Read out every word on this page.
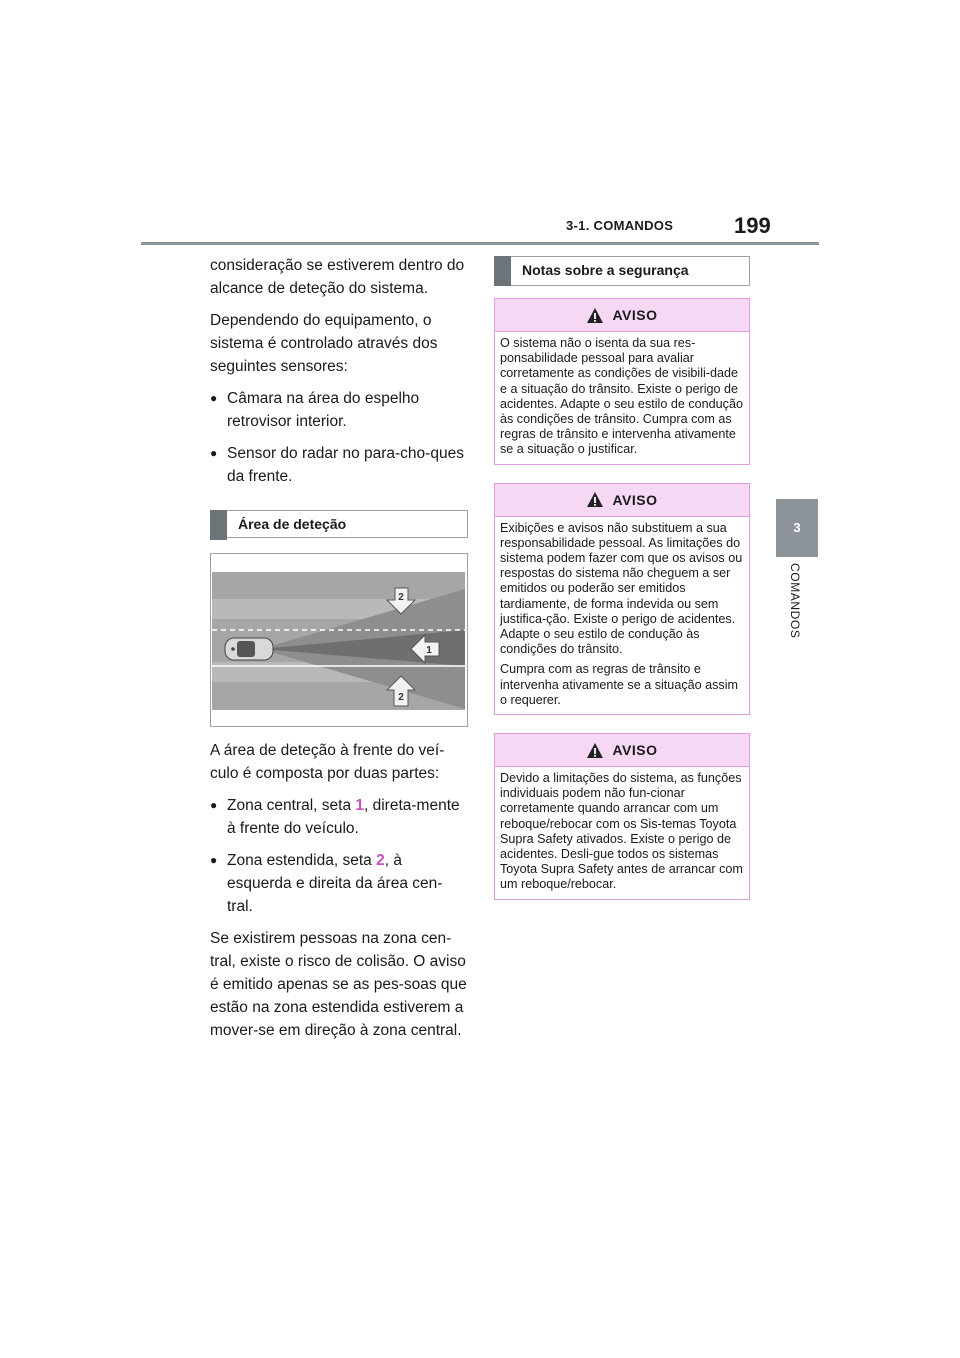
3-1. COMANDOS	199
3
COMANDOS

consideração se estiverem dentro do alcance de deteção do sistema.

Dependendo do equipamento, o sistema é controlado através dos seguintes sensores:

● Câmara na área do espelho retrovisor interior.
● Sensor do radar no para-cho-ques da frente.
Área de deteção
2
1
2

A área de deteção à frente do veí-culo é composta por duas partes:

● Zona central, seta 1, direta-mente à frente do veículo.
● Zona estendida, seta 2, à esquerda e direita da área cen-tral.

Se existirem pessoas na zona cen-tral, existe o risco de colisão. O aviso é emitido apenas se as pes-soas que estão na zona estendida estiverem a mover-se em direção à zona central.

Notas sobre a segurança
AVISO

O sistema não o isenta da sua res-ponsabilidade pessoal para avaliar corretamente as condições de visibili-dade e a situação do trânsito. Existe o perigo de acidentes. Adapte o seu estilo de condução às condições de trânsito. Cumpra com as regras de trânsito e intervenha ativamente se a situação o justificar.

AVISO

Exibições e avisos não substituem a sua responsabilidade pessoal. As limitações do sistema podem fazer com que os avisos ou respostas do sistema não cheguem a ser emitidos ou poderão ser emitidos tardiamente, de forma indevida ou sem justifica-ção. Existe o perigo de acidentes. Adapte o seu estilo de condução às condições do trânsito.

Cumpra com as regras de trânsito e intervenha ativamente se a situação assim o requerer.

AVISO

Devido a limitações do sistema, as funções individuais podem não fun-cionar corretamente quando arrancar com um reboque/rebocar com os Sis-temas Toyota Supra Safety ativados. Existe o perigo de acidentes. Desli-gue todos os sistemas Toyota Supra Safety antes de arrancar com um reboque/rebocar.
